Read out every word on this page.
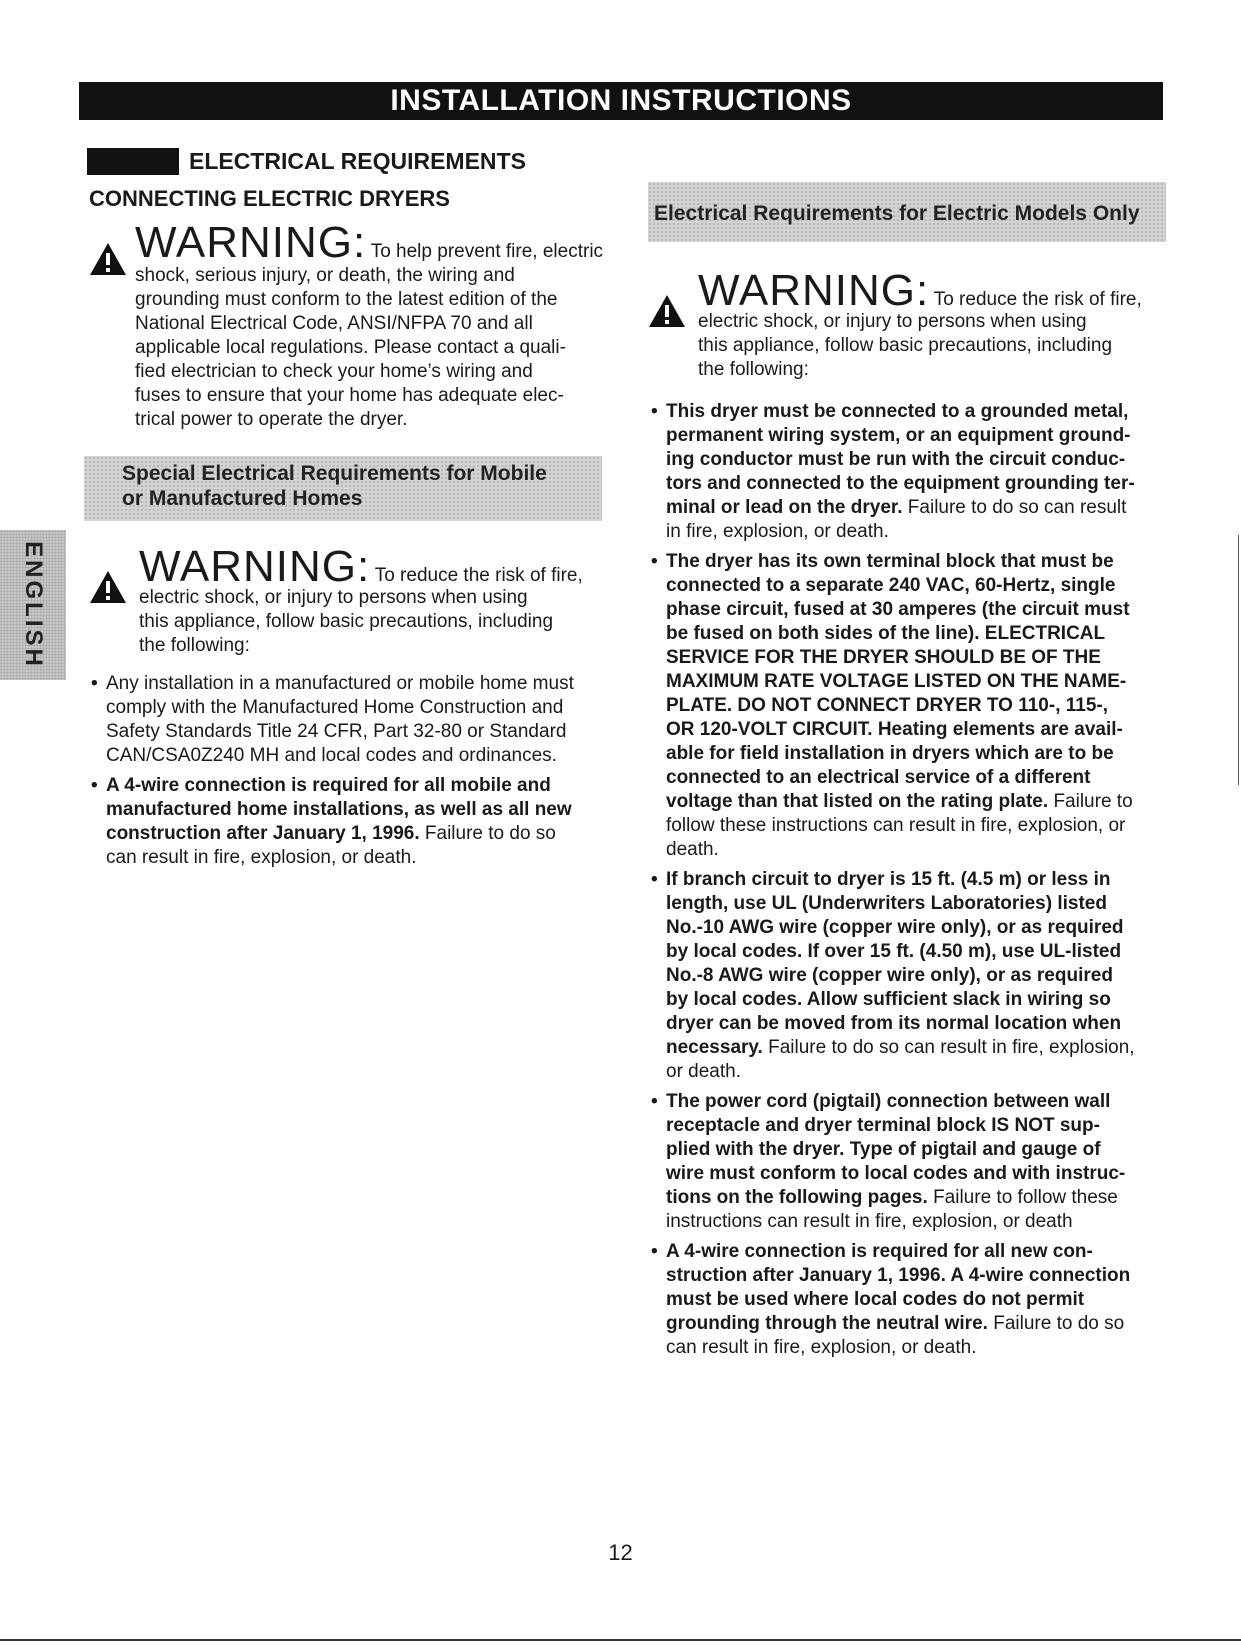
INSTALLATION INSTRUCTIONS
ELECTRICAL REQUIREMENTS
CONNECTING ELECTRIC DRYERS
WARNING: To help prevent fire, electric
shock, serious injury, or death, the wiring and
grounding must conform to the latest edition of the
National Electrical Code, ANSI/NFPA 70 and all
applicable local regulations. Please contact a quali-
fied electrician to check your home’s wiring and
fuses to ensure that your home has adequate elec-
trical power to operate the dryer.
Special Electrical Requirements for Mobile
or Manufactured Homes
WARNING: To reduce the risk of fire,
electric shock, or injury to persons when using
this appliance, follow basic precautions, including
the following:
• Any installation in a manufactured or mobile home must
comply with the Manufactured Home Construction and
Safety Standards Title 24 CFR, Part 32-80 or Standard
CAN/CSA0Z240 MH and local codes and ordinances.
• A 4-wire connection is required for all mobile and
manufactured home installations, as well as all new
construction after January 1, 1996. Failure to do so
can result in fire, explosion, or death.
Electrical Requirements for Electric Models Only
WARNING: To reduce the risk of fire,
electric shock, or injury to persons when using
this appliance, follow basic precautions, including
the following:
• This dryer must be connected to a grounded metal,
permanent wiring system, or an equipment ground-
ing conductor must be run with the circuit conduc-
tors and connected to the equipment grounding ter-
minal or lead on the dryer. Failure to do so can result
in fire, explosion, or death.
• The dryer has its own terminal block that must be
connected to a separate 240 VAC, 60-Hertz, single
phase circuit, fused at 30 amperes (the circuit must
be fused on both sides of the line). ELECTRICAL
SERVICE FOR THE DRYER SHOULD BE OF THE
MAXIMUM RATE VOLTAGE LISTED ON THE NAME-
PLATE. DO NOT CONNECT DRYER TO 110-, 115-,
OR 120-VOLT CIRCUIT. Heating elements are avail-
able for field installation in dryers which are to be
connected to an electrical service of a different
voltage than that listed on the rating plate. Failure to
follow these instructions can result in fire, explosion, or
death.
• If branch circuit to dryer is 15 ft. (4.5 m) or less in
length, use UL (Underwriters Laboratories) listed
No.-10 AWG wire (copper wire only), or as required
by local codes. If over 15 ft. (4.50 m), use UL-listed
No.-8 AWG wire (copper wire only), or as required
by local codes. Allow sufficient slack in wiring so
dryer can be moved from its normal location when
necessary. Failure to do so can result in fire, explosion,
or death.
• The power cord (pigtail) connection between wall
receptacle and dryer terminal block IS NOT sup-
plied with the dryer. Type of pigtail and gauge of
wire must conform to local codes and with instruc-
tions on the following pages. Failure to follow these
instructions can result in fire, explosion, or death
• A 4-wire connection is required for all new con-
struction after January 1, 1996. A 4-wire connection
must be used where local codes do not permit
grounding through the neutral wire. Failure to do so
can result in fire, explosion, or death.
ENGLISH
12
